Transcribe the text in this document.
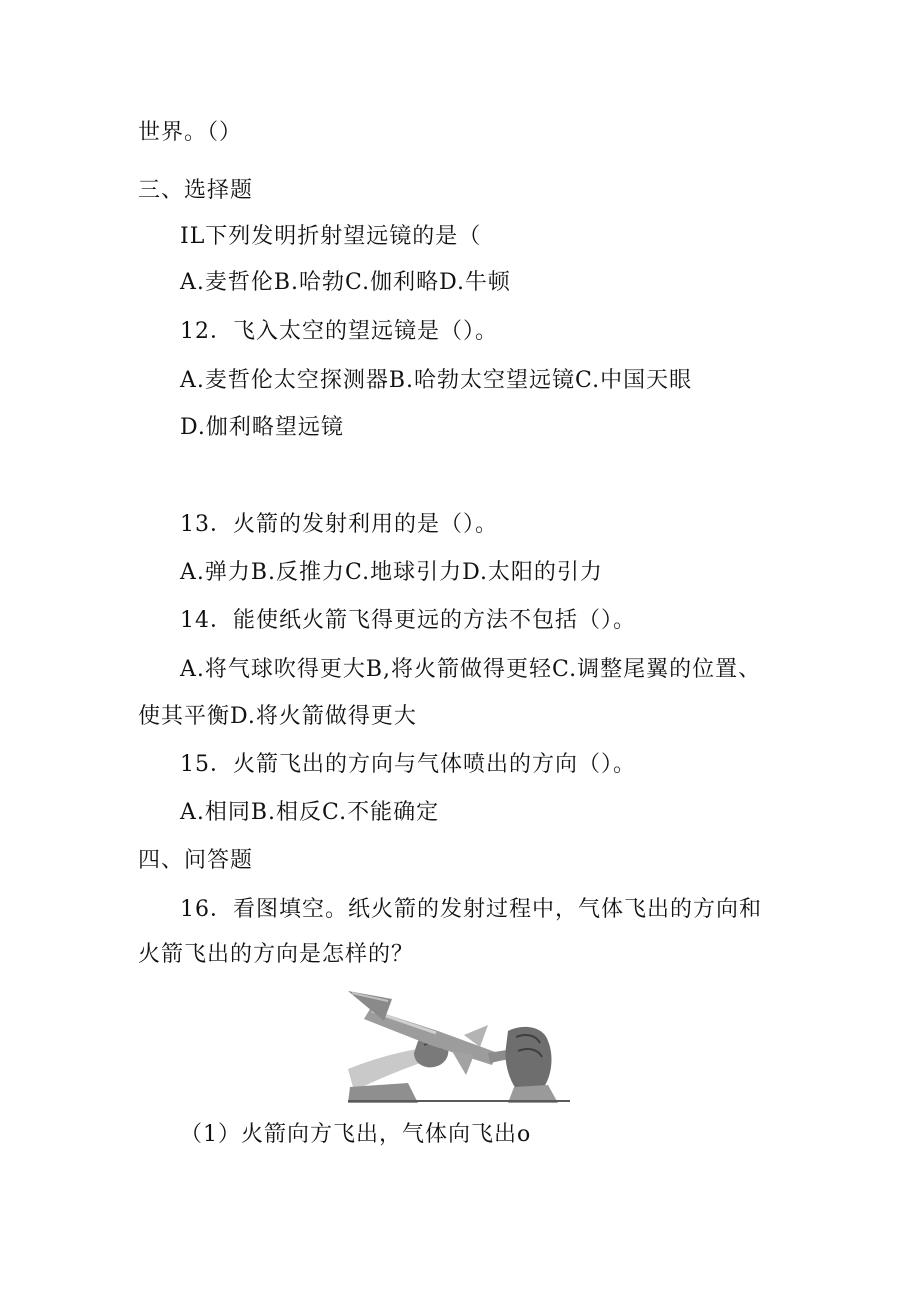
世界。（）
三、选择题
IL下列发明折射望远镜的是（
A.麦哲伦B.哈勃C.伽利略D.牛顿
12．飞入太空的望远镜是（）。
A.麦哲伦太空探测器B.哈勃太空望远镜C.中国天眼
D.伽利略望远镜
13．火箭的发射利用的是（）。
A.弹力B.反推力C.地球引力D.太阳的引力
14．能使纸火箭飞得更远的方法不包括（）。
A.将气球吹得更大B,将火箭做得更轻C.调整尾翼的位置、
使其平衡D.将火箭做得更大
15．火箭飞出的方向与气体喷出的方向（）。
A.相同B.相反C.不能确定
四、问答题
16．看图填空。纸火箭的发射过程中，气体飞出的方向和
火箭飞出的方向是怎样的？
（1）火箭向方飞出，气体向飞出o
